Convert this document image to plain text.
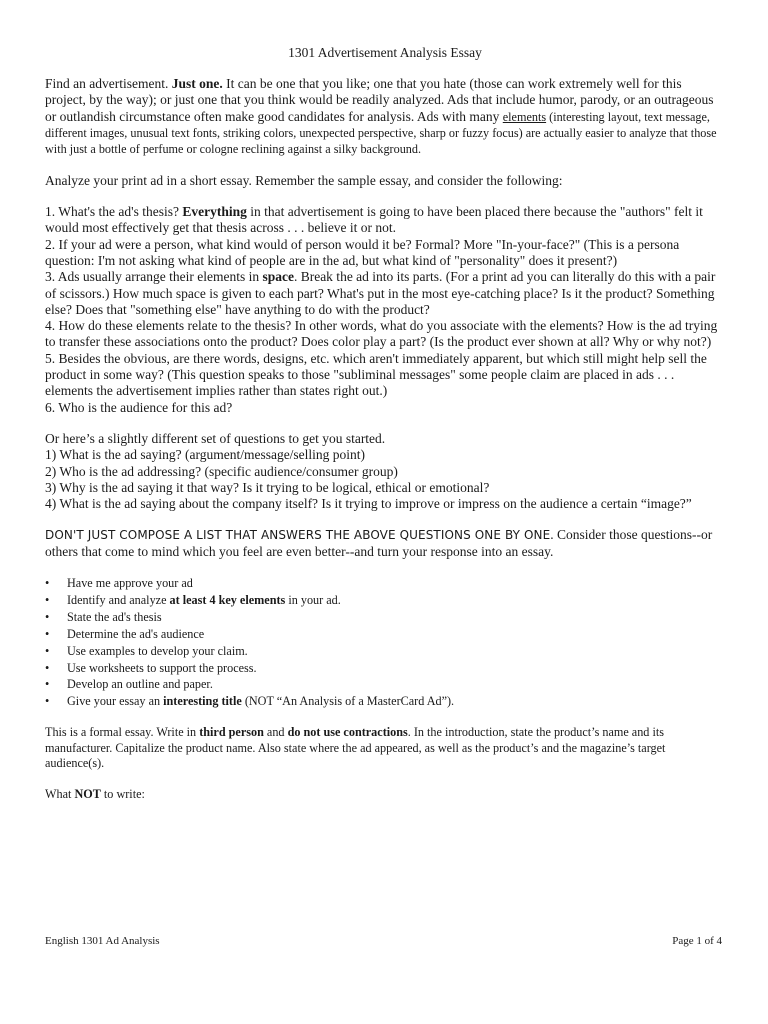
1301 Advertisement Analysis Essay

Find an advertisement. Just one. It can be one that you like; one that you hate (those can work extremely well for this project, by the way); or just one that you think would be readily analyzed. Ads that include humor, parody, or an outrageous or outlandish circumstance often make good candidates for analysis. Ads with many elements (interesting layout, text message, different images, unusual text fonts, striking colors, unexpected perspective, sharp or fuzzy focus) are actually easier to analyze that those with just a bottle of perfume or cologne reclining against a silky background.

Analyze your print ad in a short essay. Remember the sample essay, and consider the following:

1. What's the ad's thesis? Everything in that advertisement is going to have been placed there because the "authors" felt it would most effectively get that thesis across . . . believe it or not.

2. If your ad were a person, what kind would of person would it be? Formal? More "In-your-face?" (This is a persona question: I'm not asking what kind of people are in the ad, but what kind of "personality" does it present?)

3. Ads usually arrange their elements in space. Break the ad into its parts. (For a print ad you can literally do this with a pair of scissors.) How much space is given to each part? What's put in the most eye-catching place? Is it the product? Something else? Does that "something else" have anything to do with the product?

4. How do these elements relate to the thesis? In other words, what do you associate with the elements? How is the ad trying to transfer these associations onto the product? Does color play a part? (Is the product ever shown at all? Why or why not?)

5. Besides the obvious, are there words, designs, etc. which aren't immediately apparent, but which still might help sell the product in some way? (This question speaks to those "subliminal messages" some people claim are placed in ads . . . elements the advertisement implies rather than states right out.)

6. Who is the audience for this ad?

Or here’s a slightly different set of questions to get you started.

1) What is the ad saying? (argument/message/selling point)

2) Who is the ad addressing? (specific audience/consumer group)

3) Why is the ad saying it that way? Is it trying to be logical, ethical or emotional?

4) What is the ad saying about the company itself? Is it trying to improve or impress on the audience a certain “image?”

DON'T JUST COMPOSE A LIST THAT ANSWERS THE ABOVE QUESTIONS ONE BY ONE. Consider those questions--or others that come to mind which you feel are even better--and turn your response into an essay.

• Have me approve your ad
• Identify and analyze at least 4 key elements in your ad.
• State the ad's thesis
• Determine the ad's audience
• Use examples to develop your claim.
• Use worksheets to support the process.
• Develop an outline and paper.
• Give your essay an interesting title (NOT “An Analysis of a MasterCard Ad”).

This is a formal essay. Write in third person and do not use contractions. In the introduction, state the product’s name and its manufacturer. Capitalize the product name. Also state where the ad appeared, as well as the product’s and the magazine’s target audience(s).

What NOT to write:

English 1301 Ad Analysis	Page 1 of 4
